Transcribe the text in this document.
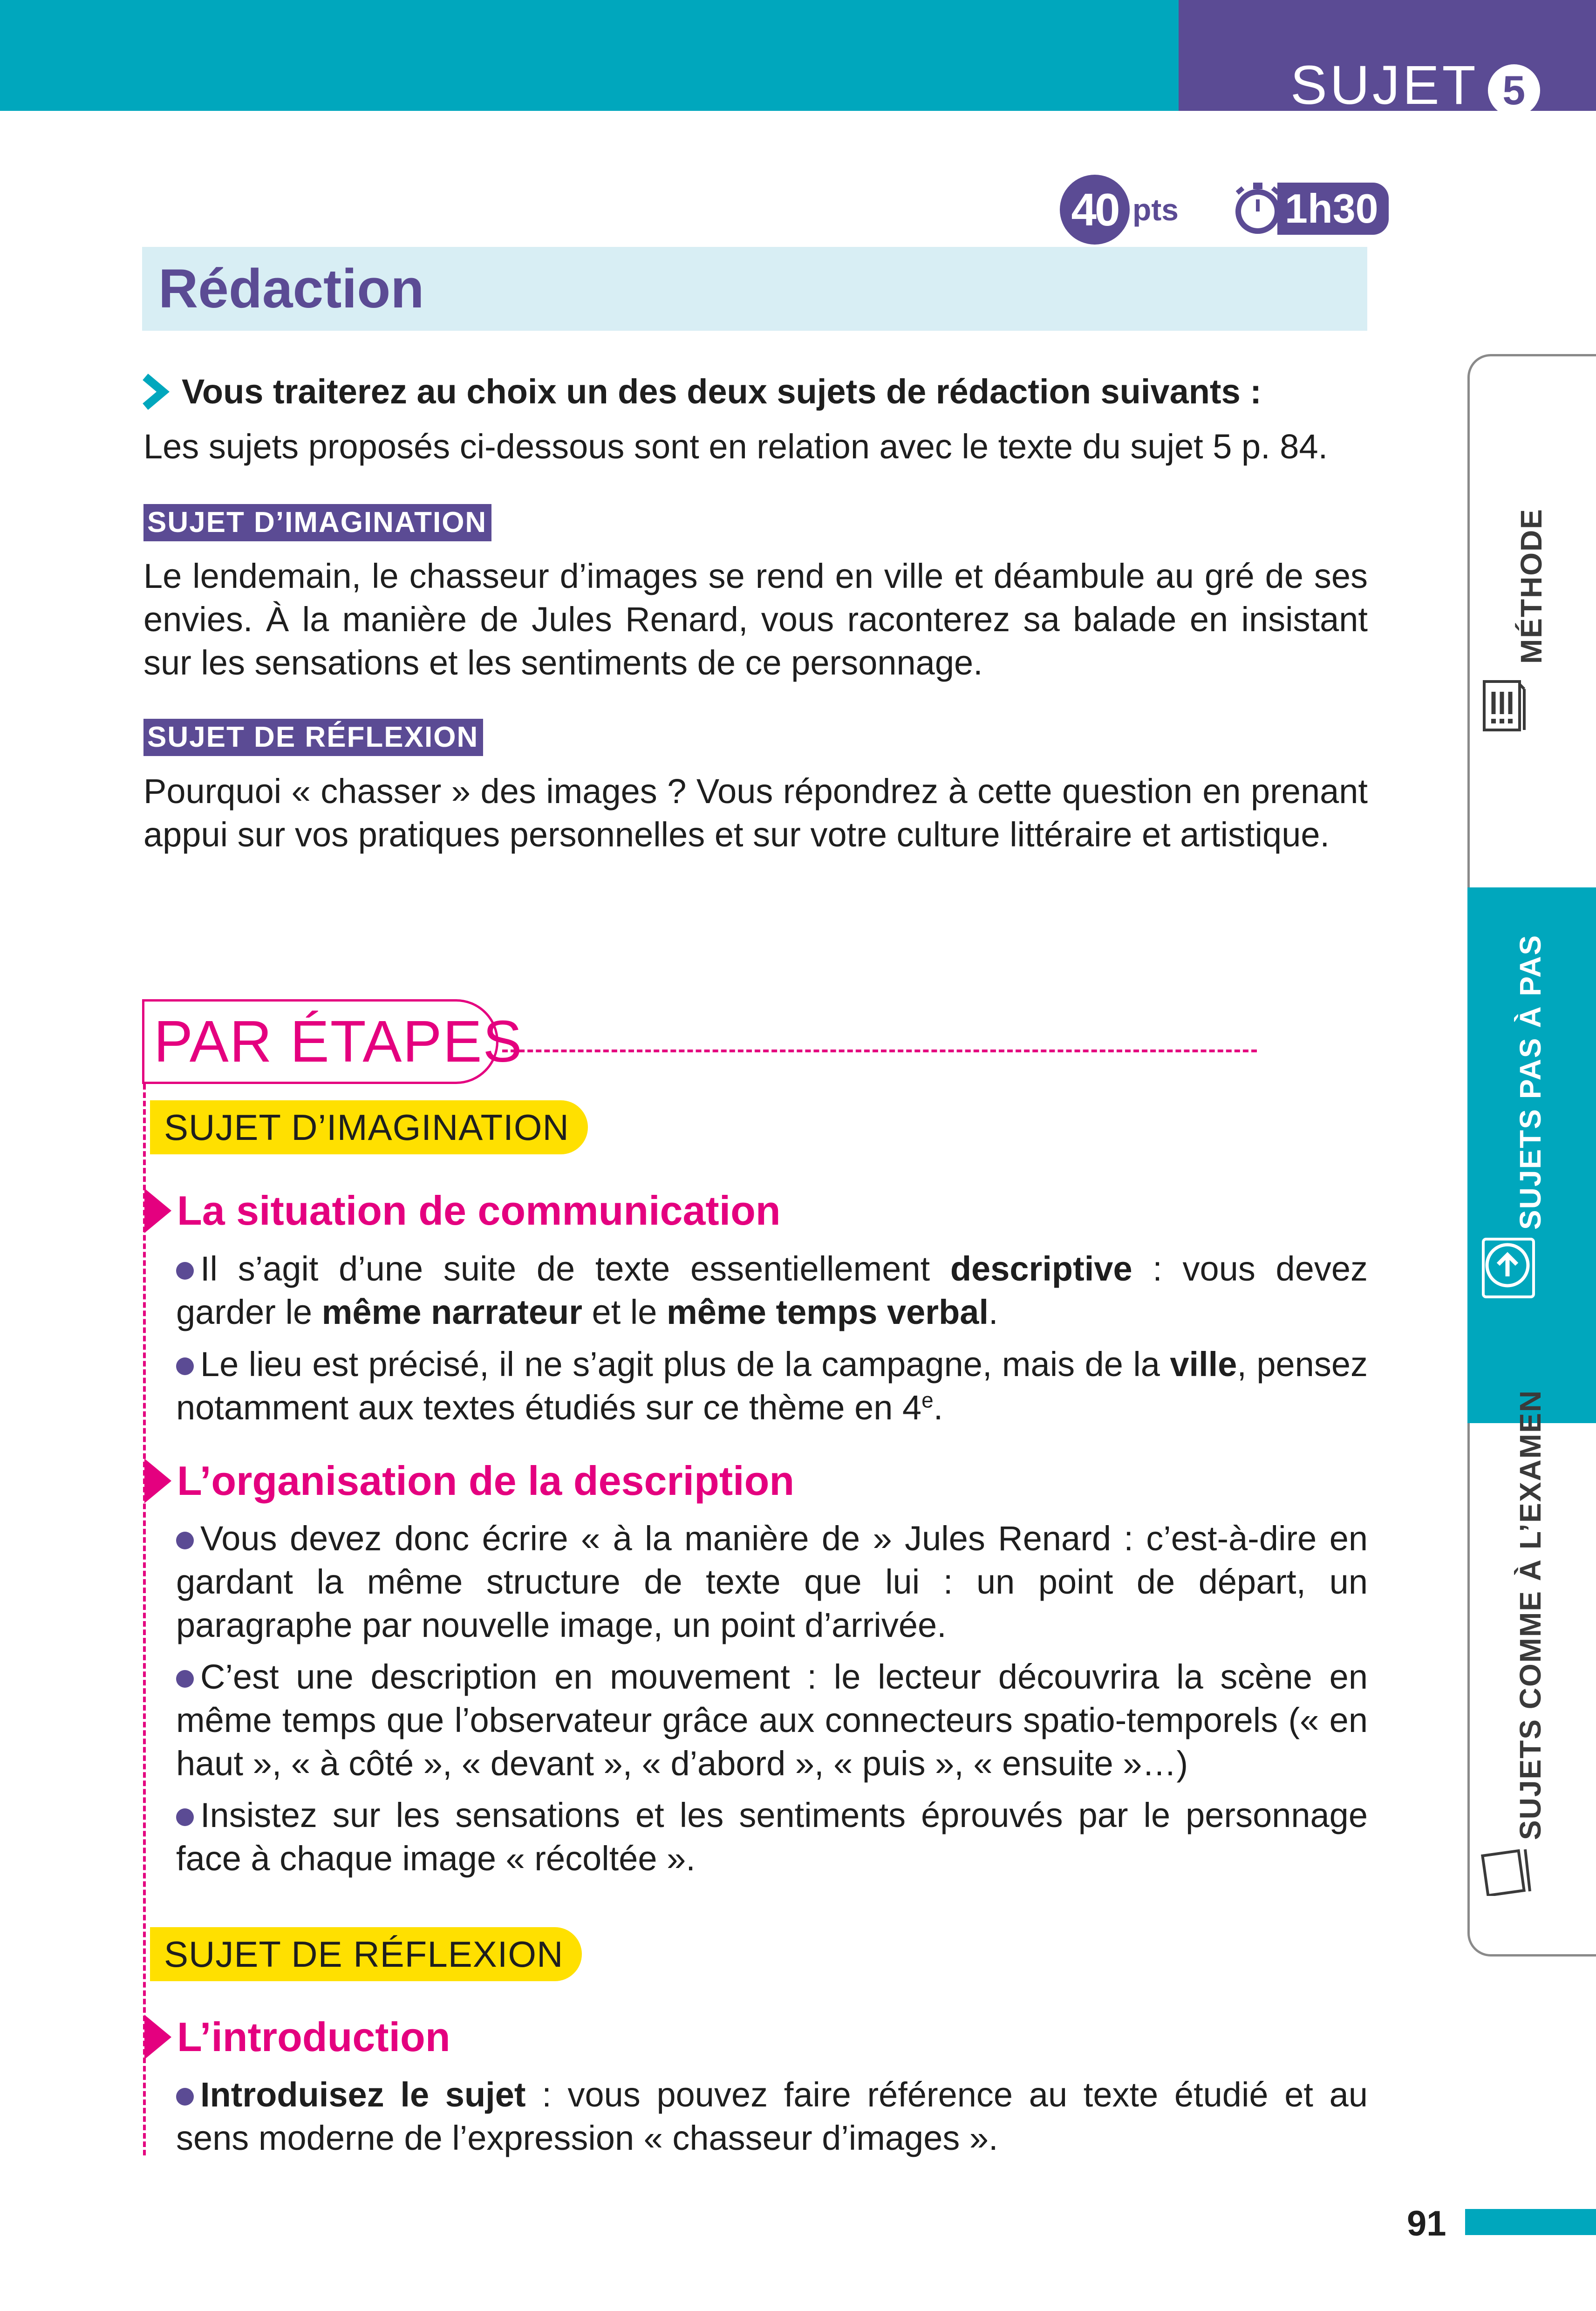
SUJET 5
40 pts	1h30
Rédaction
Vous traiterez au choix un des deux sujets de rédaction suivants :
Les sujets proposés ci-dessous sont en relation avec le texte du sujet 5 p. 84.
SUJET D’IMAGINATION
Le lendemain, le chasseur d’images se rend en ville et déambule au gré de ses envies. À la manière de Jules Renard, vous raconterez sa balade en insistant sur les sensations et les sentiments de ce personnage.
SUJET DE RÉFLEXION
Pourquoi « chasser » des images ? Vous répondrez à cette question en prenant appui sur vos pratiques personnelles et sur votre culture littéraire et artistique.
PAR ÉTAPES
SUJET D’IMAGINATION
La situation de communication
Il s’agit d’une suite de texte essentiellement descriptive : vous devez garder le même narrateur et le même temps verbal.
Le lieu est précisé, il ne s’agit plus de la campagne, mais de la ville, pensez notamment aux textes étudiés sur ce thème en 4e.
L’organisation de la description
Vous devez donc écrire « à la manière de » Jules Renard : c’est-à-dire en gardant la même structure de texte que lui : un point de départ, un paragraphe par nouvelle image, un point d’arrivée.
C’est une description en mouvement : le lecteur découvrira la scène en même temps que l’observateur grâce aux connecteurs spatio-temporels (« en haut », « à côté », « devant », « d’abord », « puis », « ensuite »…)
Insistez sur les sensations et les sentiments éprouvés par le personnage face à chaque image « récoltée ».
SUJET DE RÉFLEXION
L’introduction
Introduisez le sujet : vous pouvez faire référence au texte étudié et au sens moderne de l’expression « chasseur d’images ».
MÉTHODE
SUJETS PAS À PAS
SUJETS COMME À L’EXAMEN
91
